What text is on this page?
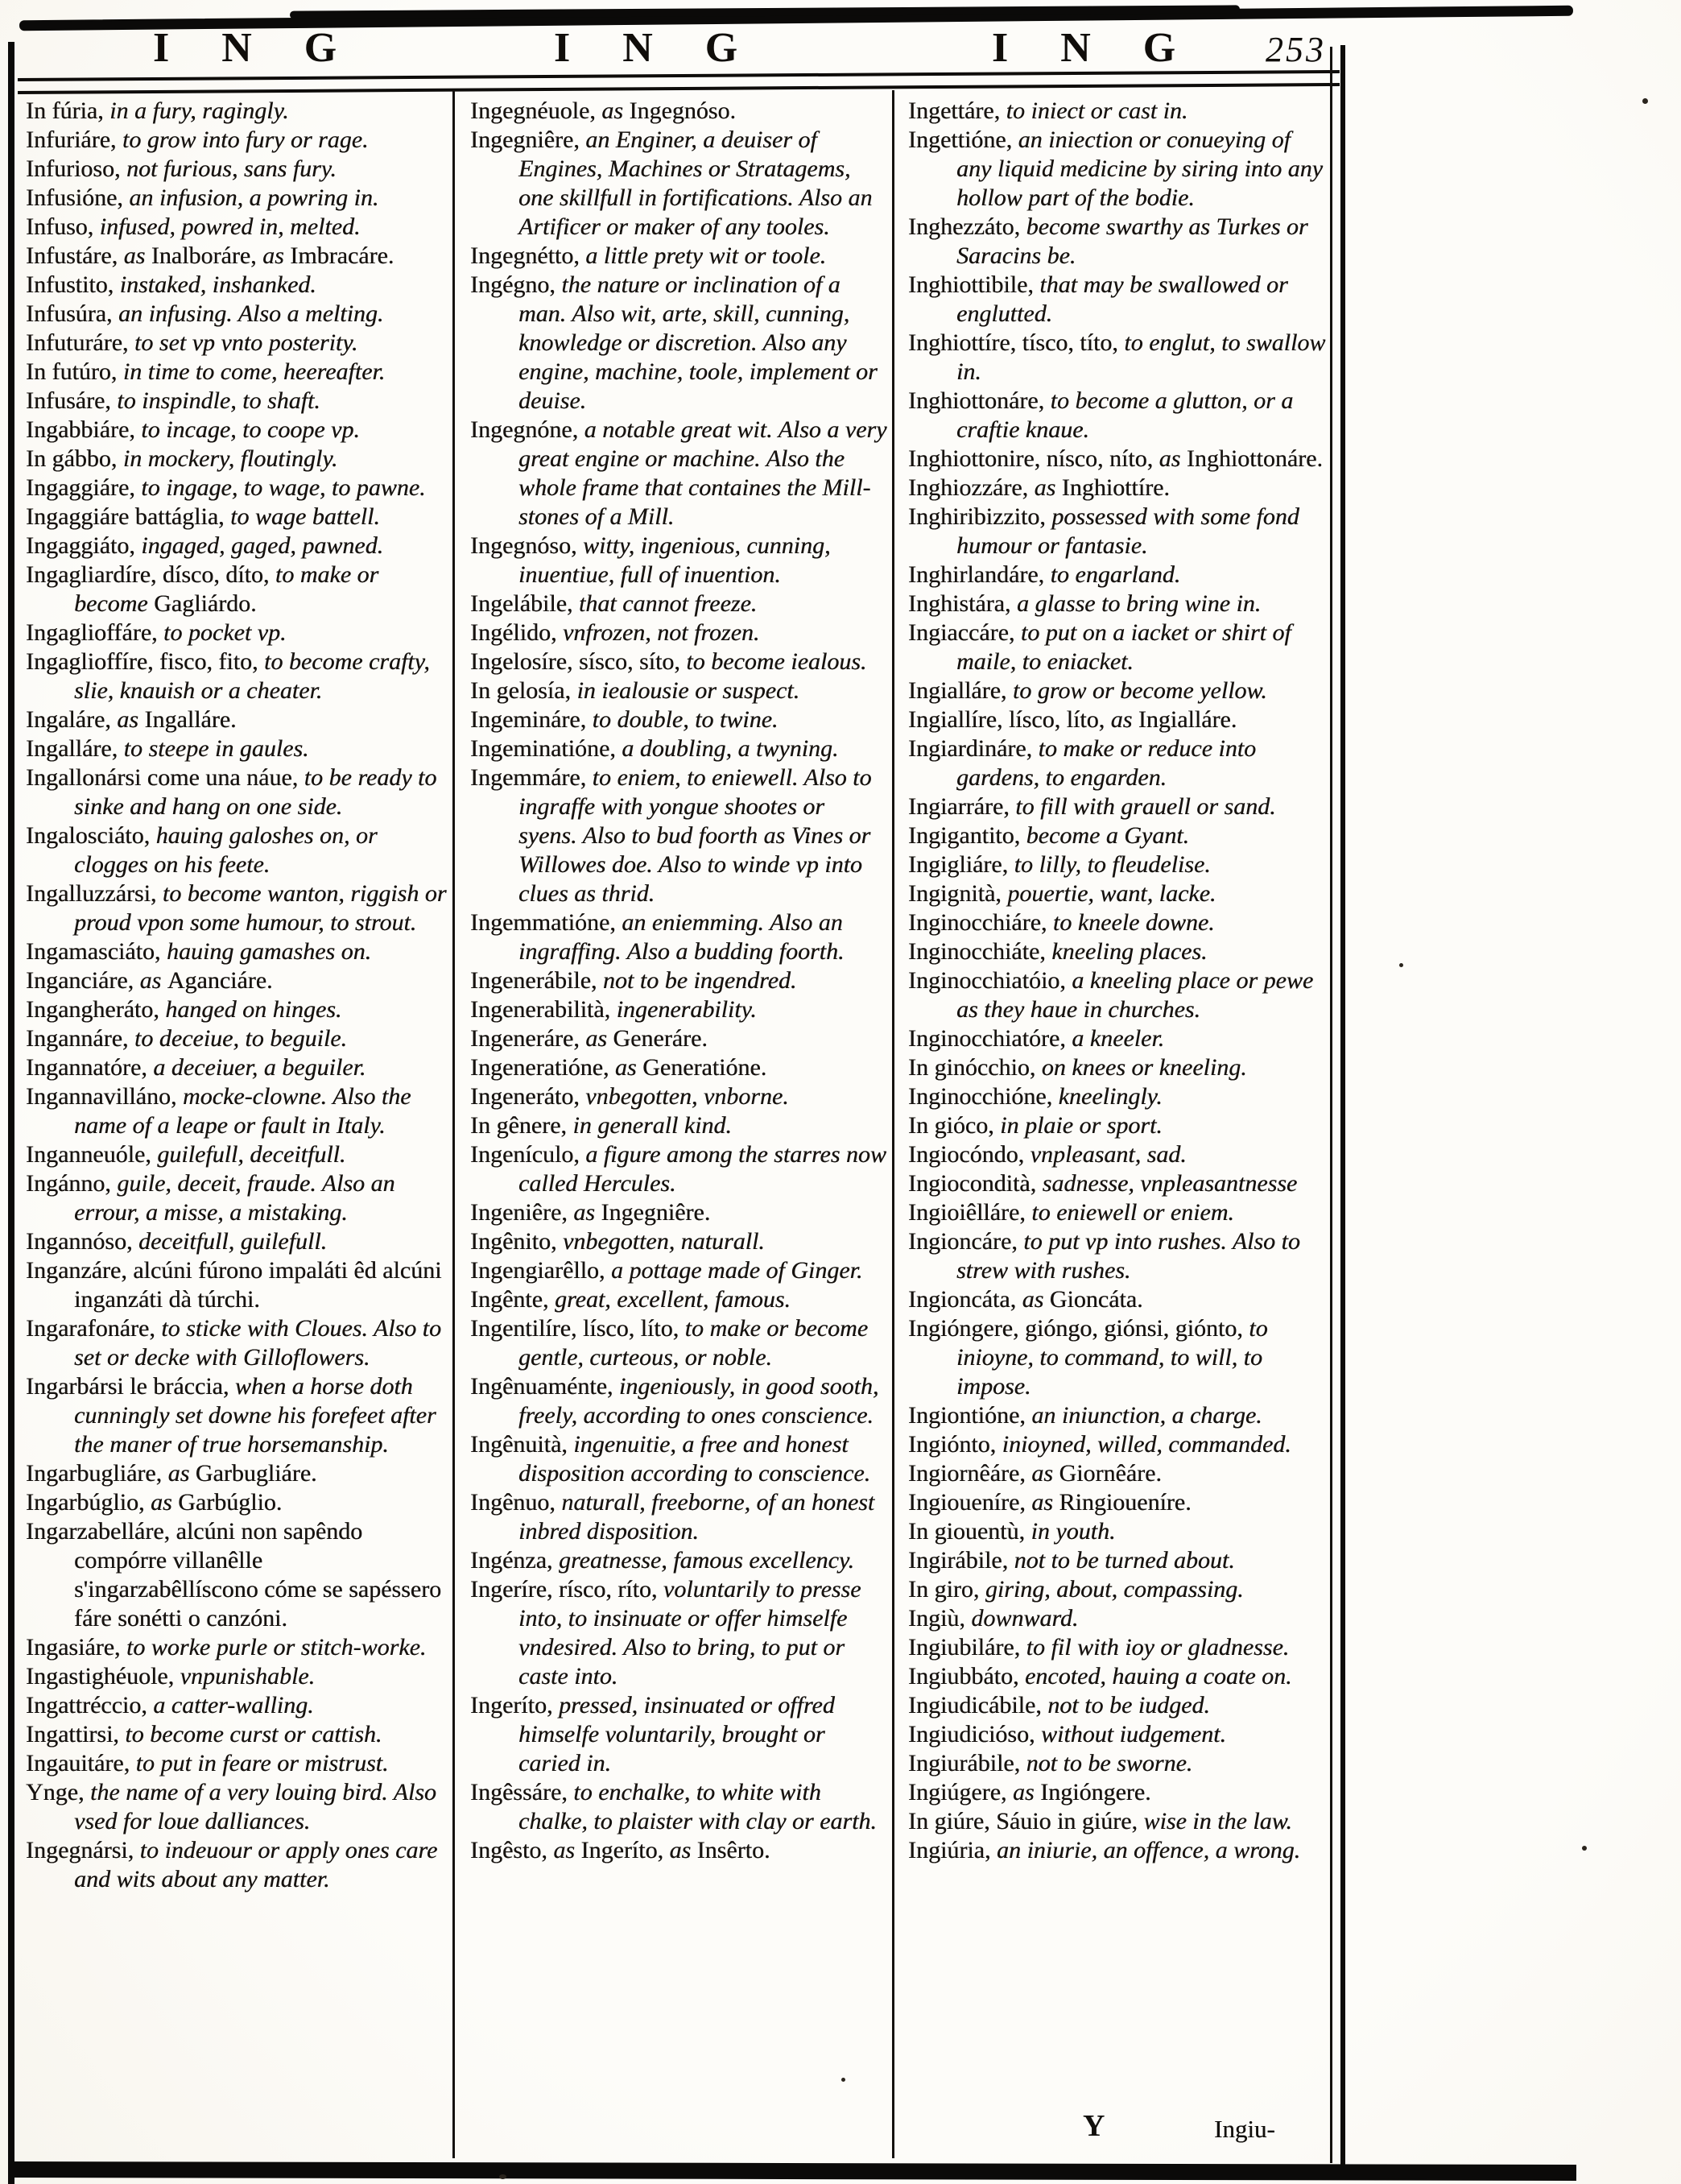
I N G	I N G	I N G 253

In fúria, in a fury, ragingly.

Infuriáre, to grow into fury or rage.

Infurioso, not furious, sans fury.

Infusióne, an infusion, a powring in.

Infuso, infused, powred in, melted.

Infustáre, as Inalboráre, as Imbracáre.

Infustito, instaked, inshanked.

Infusúra, an infusing. Also a melting.

Infuturáre, to set vp vnto posterity.

In futúro, in time to come, heereafter.

Infusáre, to inspindle, to shaft.

Ingabbiáre, to incage, to coope vp.

In gábbo, in mockery, floutingly.

Ingaggiáre, to ingage, to wage, to pawne.

Ingaggiáre battáglia, to wage battell.

Ingaggiáto, ingaged, gaged, pawned.

Ingagliardíre, dísco, díto, to make or become Gagliárdo.

Ingaglioffáre, to pocket vp.

Ingaglioffíre, fisco, fito, to become crafty, slie, knauish or a cheater.

Ingaláre, as Ingalláre.

Ingalláre, to steepe in gaules.

Ingallonársi come una náue, to be ready to sinke and hang on one side.

Ingalosciáto, hauing galoshes on, or clogges on his feete.

Ingalluzzársi, to become wanton, riggish or proud vpon some humour, to strout.

Ingamasciáto, hauing gamashes on.

Inganciáre, as Aganciáre.

Ingangheráto, hanged on hinges.

Ingannáre, to deceiue, to beguile.

Ingannatóre, a deceiuer, a beguiler.

Ingannavilláno, mocke-clowne. Also the name of a leape or fault in Italy.

Inganneuóle, guilefull, deceitfull.

Ingánno, guile, deceit, fraude. Also an errour, a misse, a mistaking.

Ingannóso, deceitfull, guilefull.

Inganzáre, alcúni fúrono impaláti êd alcúni inganzáti dà túrchi.

Ingarafonáre, to sticke with Cloues. Also to set or decke with Gilloflowers.

Ingarbársi le bráccia, when a horse doth cunningly set downe his forefeet after the maner of true horsemanship.

Ingarbugliáre, as Garbugliáre.

Ingarbúglio, as Garbúglio.

Ingarzabelláre, alcúni non sapêndo compórre villanêlle s'ingarzabêllíscono cóme se sapéssero fáre sonétti o canzóni.

Ingasiáre, to worke purle or stitch-worke.

Ingastighéuole, vnpunishable.

Ingattréccio, a catter-walling.

Ingattirsi, to become curst or cattish.

Ingauitáre, to put in feare or mistrust.

Ynge, the name of a very louing bird. Also vsed for loue dalliances.

Ingegnársi, to indeuour or apply ones care and wits about any matter.

Ingegnéuole, as Ingegnóso.

Ingegniêre, an Enginer, a deuiser of Engines, Machines or Stratagems, one skillfull in fortifications. Also an Artificer or maker of any tooles.

Ingegnétto, a little prety wit or toole.

Ingégno, the nature or inclination of a man. Also wit, arte, skill, cunning, knowledge or discretion. Also any engine, machine, toole, implement or deuise.

Ingegnóne, a notable great wit. Also a very great engine or machine. Also the whole frame that containes the Mill-stones of a Mill.

Ingegnóso, witty, ingenious, cunning, inuentiue, full of inuention.

Ingelábile, that cannot freeze.

Ingélido, vnfrozen, not frozen.

Ingelosíre, sísco, síto, to become iealous.

In gelosía, in iealousie or suspect.

Ingemináre, to double, to twine.

Ingeminatióne, a doubling, a twyning.

Ingemmáre, to eniem, to eniewell. Also to ingraffe with yongue shootes or syens. Also to bud foorth as Vines or Willowes doe. Also to winde vp into clues as thrid.

Ingemmatióne, an eniemming. Also an ingraffing. Also a budding foorth.

Ingenerábile, not to be ingendred.

Ingenerabilità, ingenerability.

Ingeneráre, as Generáre.

Ingeneratióne, as Generatióne.

Ingeneráto, vnbegotten, vnborne.

In gênere, in generall kind.

Ingenículo, a figure among the starres now called Hercules.

Ingeniêre, as Ingegniêre.

Ingênito, vnbegotten, naturall.

Ingengiarêllo, a pottage made of Ginger.

Ingênte, great, excellent, famous.

Ingentilíre, lísco, líto, to make or become gentle, curteous, or noble.

Ingênuaménte, ingeniously, in good sooth, freely, according to ones conscience.

Ingênuità, ingenuitie, a free and honest disposition according to conscience.

Ingênuo, naturall, freeborne, of an honest inbred disposition.

Ingénza, greatnesse, famous excellency.

Ingeríre, rísco, ríto, voluntarily to presse into, to insinuate or offer himselfe vndesired. Also to bring, to put or caste into.

Ingeríto, pressed, insinuated or offred himselfe voluntarily, brought or caried in.

Ingêssáre, to enchalke, to white with chalke, to plaister with clay or earth.

Ingêsto, as Ingeríto, as Insêrto.

Ingettáre, to iniect or cast in.

Ingettióne, an iniection or conueying of any liquid medicine by siring into any hollow part of the bodie.

Inghezzáto, become swarthy as Turkes or Saracins be.

Inghiottibile, that may be swallowed or englutted.

Inghiottíre, tísco, títo, to englut, to swallow in.

Inghiottonáre, to become a glutton, or a craftie knaue.

Inghiottonire, nísco, níto, as Inghiottonáre.

Inghiozzáre, as Inghiottíre.

Inghiribizzito, possessed with some fond humour or fantasie.

Inghirlandáre, to engarland.

Inghistára, a glasse to bring wine in.

Ingiaccáre, to put on a iacket or shirt of maile, to eniacket.

Ingialláre, to grow or become yellow.

Ingiallíre, lísco, líto, as Ingialláre.

Ingiardináre, to make or reduce into gardens, to engarden.

Ingiarráre, to fill with grauell or sand.

Ingigantito, become a Gyant.

Ingigliáre, to lilly, to fleudelise.

Ingignità, pouertie, want, lacke.

Inginocchiáre, to kneele downe.

Inginocchiáte, kneeling places.

Inginocchiatóio, a kneeling place or pewe as they haue in churches.

Inginocchiatóre, a kneeler.

In ginócchio, on knees or kneeling.

Inginocchióne, kneelingly.

In gióco, in plaie or sport.

Ingiocóndo, vnpleasant, sad.

Ingiocondità, sadnesse, vnpleasantnesse

Ingioiêlláre, to eniewell or eniem.

Ingioncáre, to put vp into rushes. Also to strew with rushes.

Ingioncáta, as Gioncáta.

Ingióngere, gióngo, giónsi, giónto, to inioyne, to command, to will, to impose.

Ingiontióne, an iniunction, a charge.

Ingiónto, inioyned, willed, commanded.

Ingiornêáre, as Giornêáre.

Ingioueníre, as Ringioueníre.

In giouentù, in youth.

Ingirábile, not to be turned about.

In giro, giring, about, compassing.

Ingiù, downward.

Ingiubiláre, to fil with ioy or gladnesse.

Ingiubbáto, encoted, hauing a coate on.

Ingiudicábile, not to be iudged.

Ingiudicióso, without iudgement.

Ingiurábile, not to be sworne.

Ingiúgere, as Ingióngere.

In giúre, Sáuio in giúre, wise in the law.

Ingiúria, an iniurie, an offence, a wrong.

Y	Ingiu-
